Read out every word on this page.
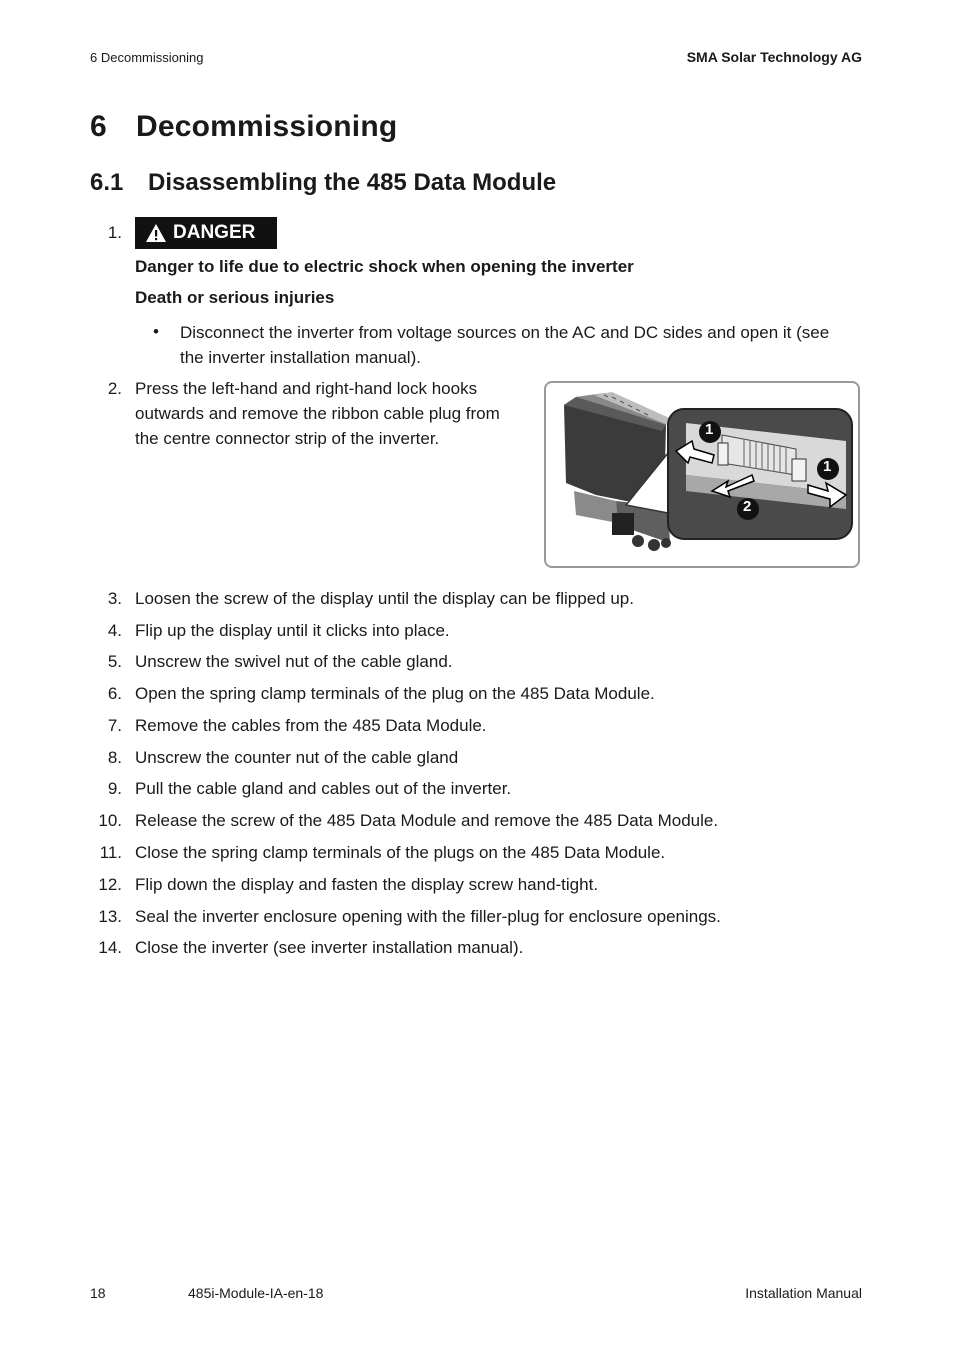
6 Decommissioning	SMA Solar Technology AG
6 Decommissioning
6.1 Disassembling the 485 Data Module
1.	DANGER
Danger to life due to electric shock when opening the inverter
Death or serious injuries
• Disconnect the inverter from voltage sources on the AC and DC sides and open it (see the inverter installation manual).
2. Press the left-hand and right-hand lock hooks outwards and remove the ribbon cable plug from the centre connector strip of the inverter.	1
1
2
3. Loosen the screw of the display until the display can be flipped up.
4. Flip up the display until it clicks into place.
5. Unscrew the swivel nut of the cable gland.
6. Open the spring clamp terminals of the plug on the 485 Data Module.
7. Remove the cables from the 485 Data Module.
8. Unscrew the counter nut of the cable gland
9. Pull the cable gland and cables out of the inverter.
10. Release the screw of the 485 Data Module and remove the 485 Data Module.
11. Close the spring clamp terminals of the plugs on the 485 Data Module.
12. Flip down the display and fasten the display screw hand-tight.
13. Seal the inverter enclosure opening with the filler-plug for enclosure openings.
14. Close the inverter (see inverter installation manual).
18	485i-Module-IA-en-18	Installation Manual
